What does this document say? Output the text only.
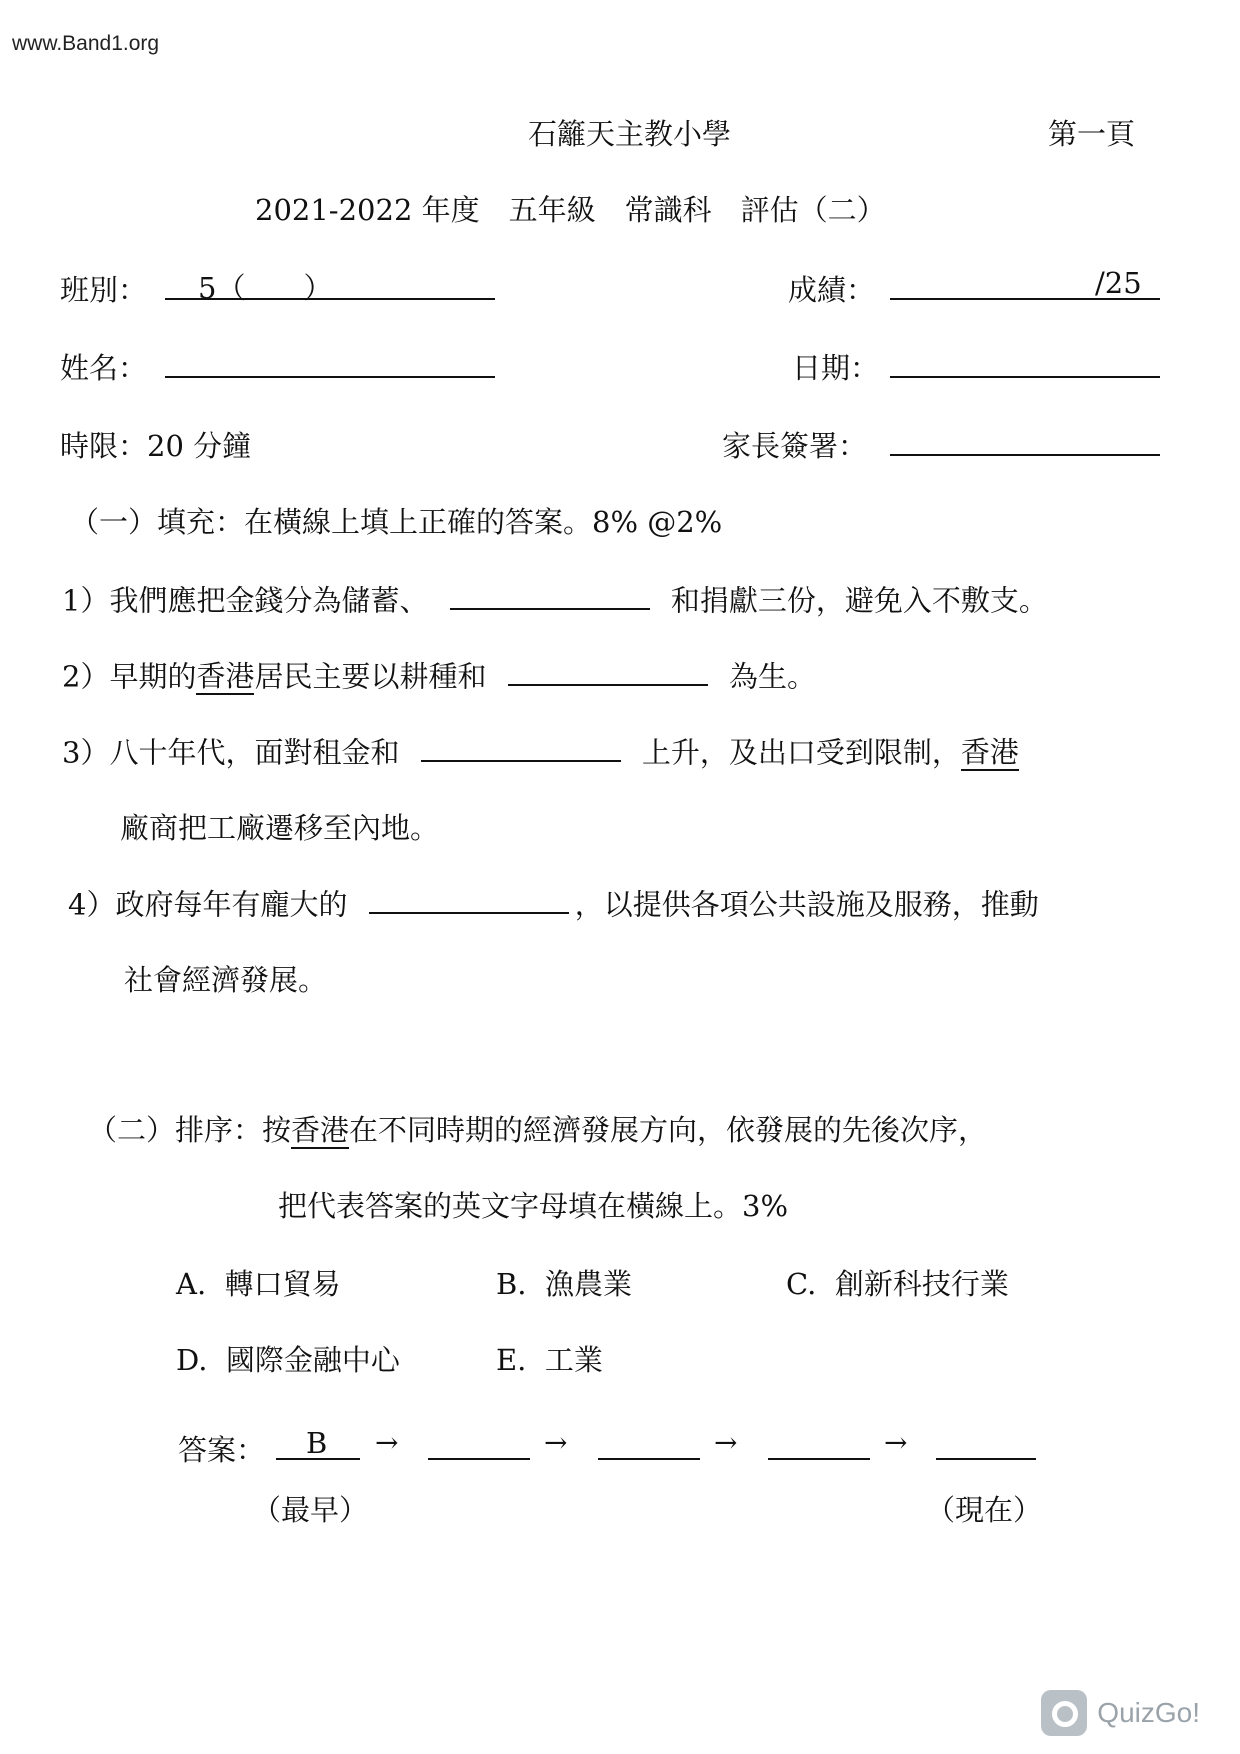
www.Band1.org
石籬天主教小學	第一頁
2021-2022 年度　五年級　常識科　評估（二）
班別： 5（　　）	成績：	/25
姓名：	日期：
時限：20 分鐘	家長簽署：
（一）填充：在橫線上填上正確的答案。8% @2%
1）我們應把金錢分為儲蓄、	和捐獻三份，避免入不敷支。
2）早期的香港居民主要以耕種和	為生。
3）八十年代，面對租金和	上升，及出口受到限制，香港
廠商把工廠遷移至內地。
4）政府每年有龐大的	，以提供各項公共設施及服務，推動
社會經濟發展。
（二）排序：按香港在不同時期的經濟發展方向，依發展的先後次序，
把代表答案的英文字母填在橫線上。3%
A. 轉口貿易	B. 漁農業	C. 創新科技行業
D. 國際金融中心	E. 工業
答案： B →	→	→	→
（最早）	（現在）
QuizGo!
